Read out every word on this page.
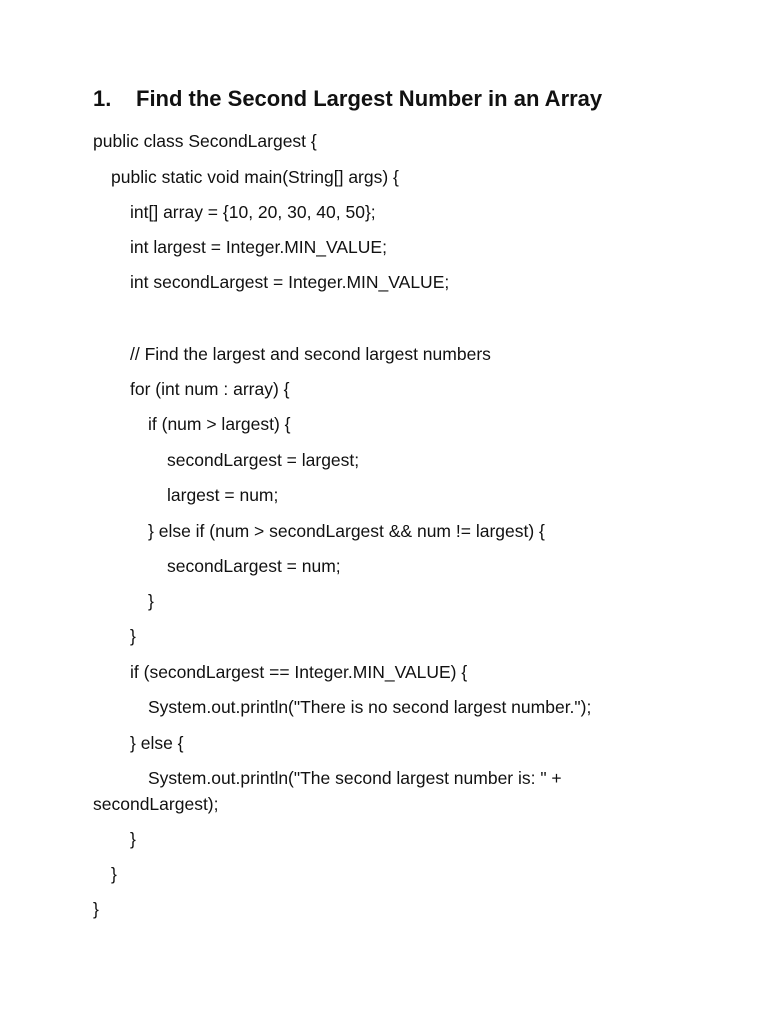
1. Find the Second Largest Number in an Array
public class SecondLargest {
public static void main(String[] args) {
int[] array = {10, 20, 30, 40, 50};
int largest = Integer.MIN_VALUE;
int secondLargest = Integer.MIN_VALUE;
// Find the largest and second largest numbers
for (int num : array) {
if (num > largest) {
secondLargest = largest;
largest = num;
} else if (num > secondLargest && num != largest) {
secondLargest = num;
}
}
if (secondLargest == Integer.MIN_VALUE) {
System.out.println("There is no second largest number.");
} else {
System.out.println("The second largest number is: " +
secondLargest);
}
}
}
